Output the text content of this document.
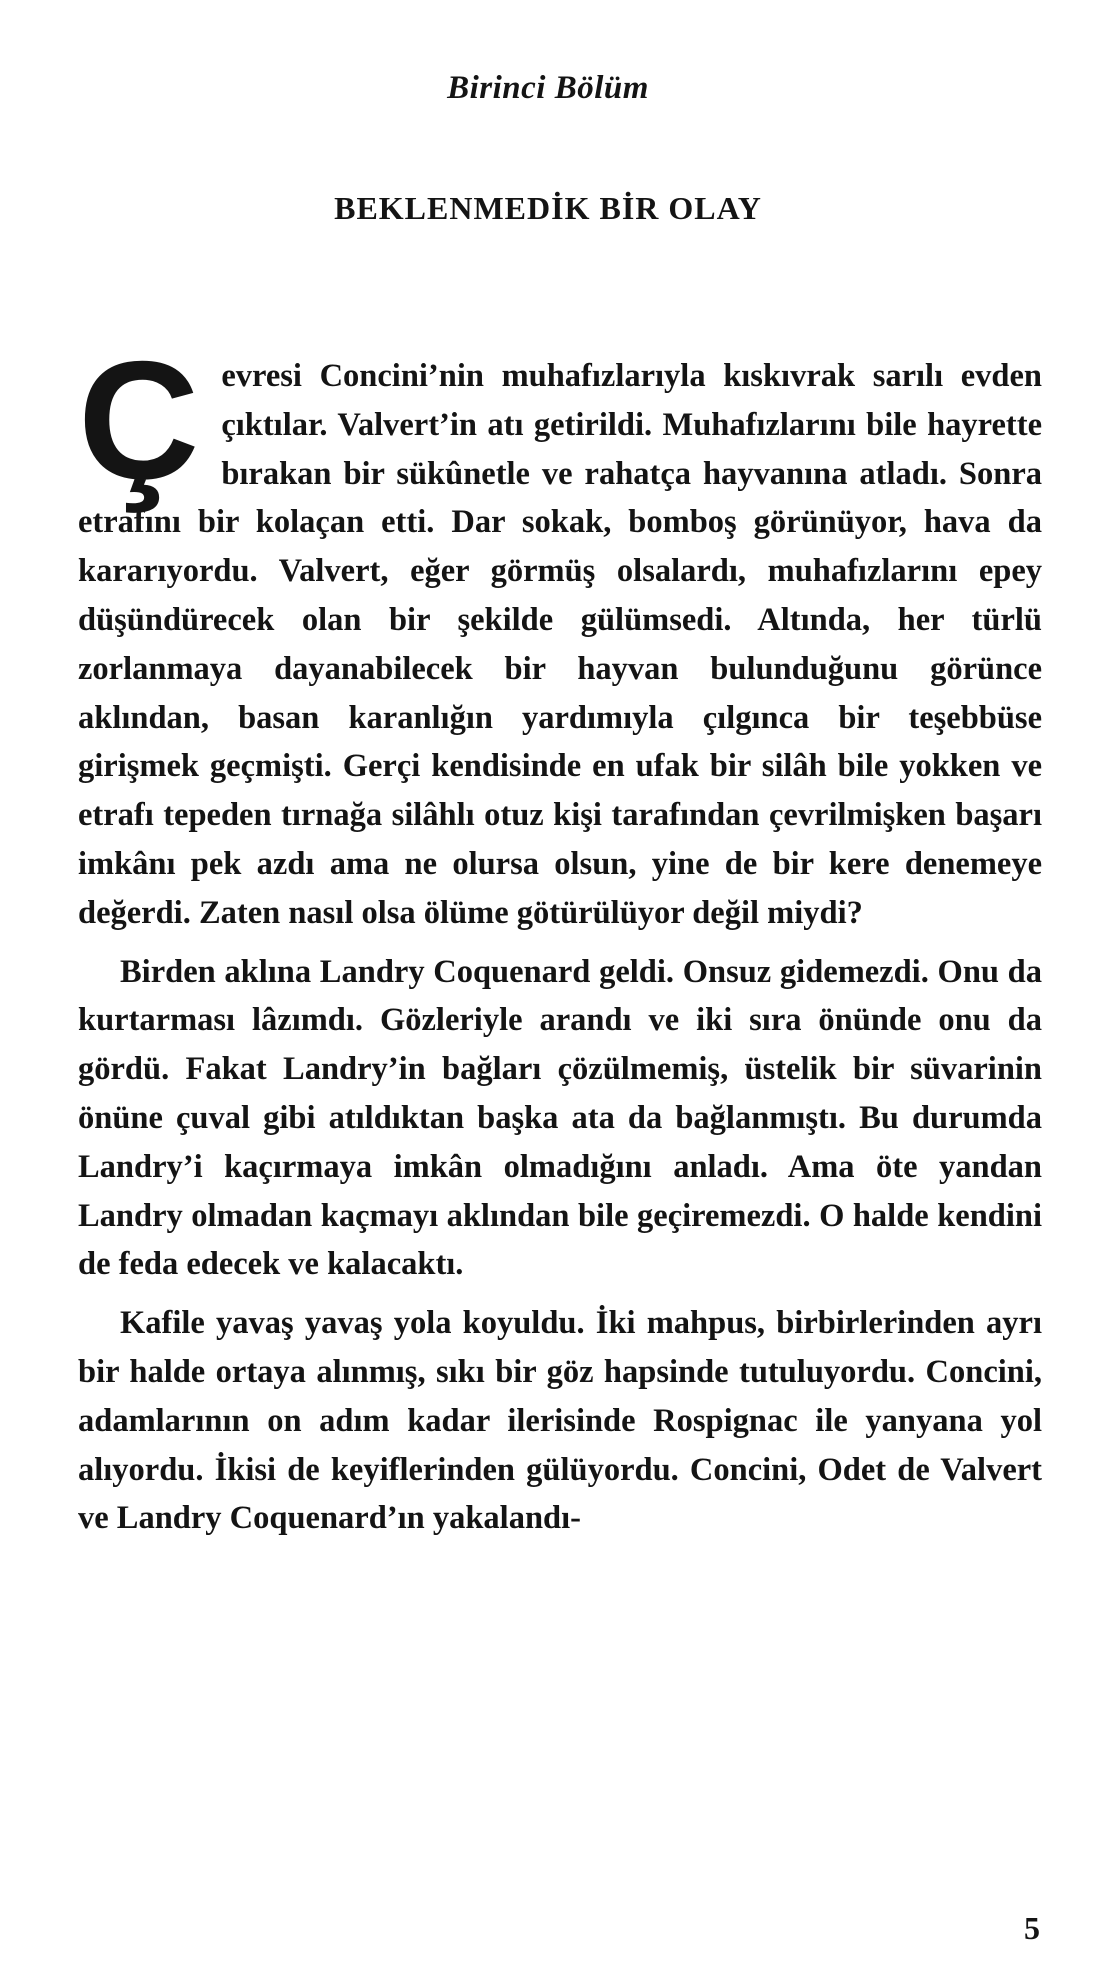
Birinci Bölüm
BEKLENMEDİK BİR OLAY

Çevresi Concini’nin muhafızlarıyla kıskıvrak sarılı evden çıktılar. Valvert’in atı getirildi. Muhafızlarını bile hayrette bırakan bir sükûnetle ve rahatça hayvanına atladı. Sonra etrafını bir kolaçan etti. Dar sokak, bomboş görünüyor, hava da kararıyordu. Valvert, eğer görmüş olsalardı, muhafızlarını epey düşündürecek olan bir şekilde gülümsedi. Altında, her türlü zorlanmaya dayanabilecek bir hayvan bulunduğunu görünce aklından, basan karanlığın yardımıyla çılgınca bir teşebbüse girişmek geçmişti. Gerçi kendisinde en ufak bir silâh bile yokken ve etrafı tepeden tırnağa silâhlı otuz kişi tarafından çevrilmişken başarı imkânı pek azdı ama ne olursa olsun, yine de bir kere denemeye değerdi. Zaten nasıl olsa ölüme götürülüyor değil miydi?

Birden aklına Landry Coquenard geldi. Onsuz gidemezdi. Onu da kurtarması lâzımdı. Gözleriyle arandı ve iki sıra önünde onu da gördü. Fakat Landry’in bağları çözülmemiş, üstelik bir süvarinin önüne çuval gibi atıldıktan başka ata da bağlanmıştı. Bu durumda Landry’i kaçırmaya imkân olmadığını anladı. Ama öte yandan Landry olmadan kaçmayı aklından bile geçiremezdi. O halde kendini de feda edecek ve kalacaktı.

Kafile yavaş yavaş yola koyuldu. İki mahpus, birbirlerinden ayrı bir halde ortaya alınmış, sıkı bir göz hapsinde tutuluyordu. Concini, adamlarının on adım kadar ilerisinde Rospignac ile yanyana yol alıyordu. İkisi de keyiflerinden gülüyordu. Concini, Odet de Valvert ve Landry Coquenard’ın yakalandı-

5
